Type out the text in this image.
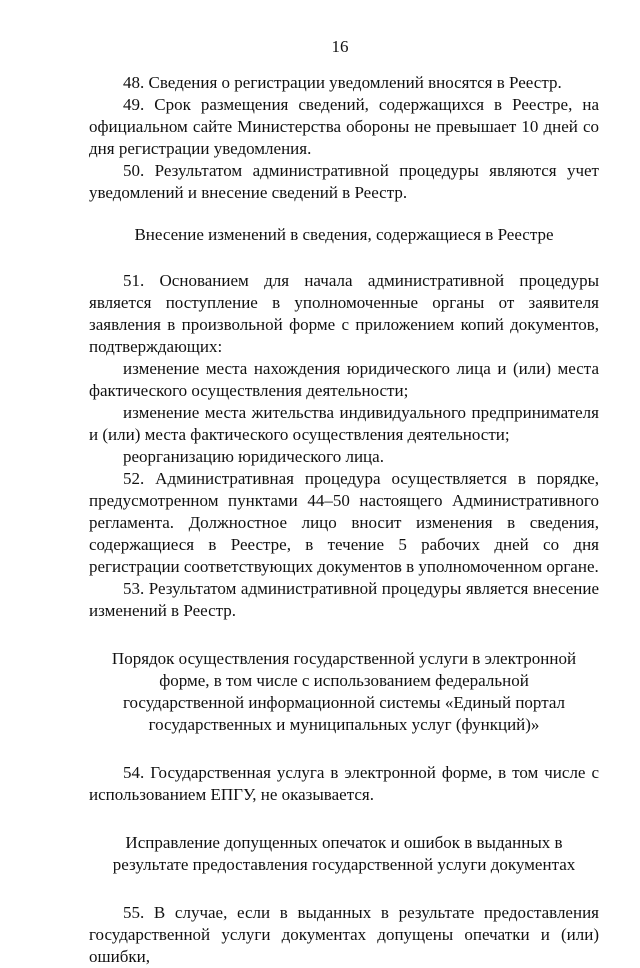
16

48. Сведения о регистрации уведомлений вносятся в Реестр.

49. Срок размещения сведений, содержащихся в Реестре, на официальном сайте Министерства обороны не превышает 10 дней со дня регистрации уведомления.

50. Результатом административной процедуры являются учет уведомлений и внесение сведений в Реестр.

Внесение изменений в сведения, содержащиеся в Реестре

51. Основанием для начала административной процедуры является поступление в уполномоченные органы от заявителя заявления в произвольной форме с приложением копий документов, подтверждающих:

изменение места нахождения юридического лица и (или) места фактического осуществления деятельности;

изменение места жительства индивидуального предпринимателя и (или) места фактического осуществления деятельности;

реорганизацию юридического лица.

52. Административная процедура осуществляется в порядке, предусмотренном пунктами 44–50 настоящего Административного регламента. Должностное лицо вносит изменения в сведения, содержащиеся в Реестре, в течение 5 рабочих дней со дня регистрации соответствующих документов в уполномоченном органе.

53. Результатом административной процедуры является внесение изменений в Реестр.

Порядок осуществления государственной услуги в электронной

форме, в том числе с использованием федеральной

государственной информационной системы «Единый портал

государственных и муниципальных услуг (функций)»

54. Государственная услуга в электронной форме, в том числе с использованием ЕПГУ, не оказывается.

Исправление допущенных опечаток и ошибок в выданных в

результате предоставления государственной услуги документах

55. В случае, если в выданных в результате предоставления государственной услуги документах допущены опечатки и (или) ошибки,
